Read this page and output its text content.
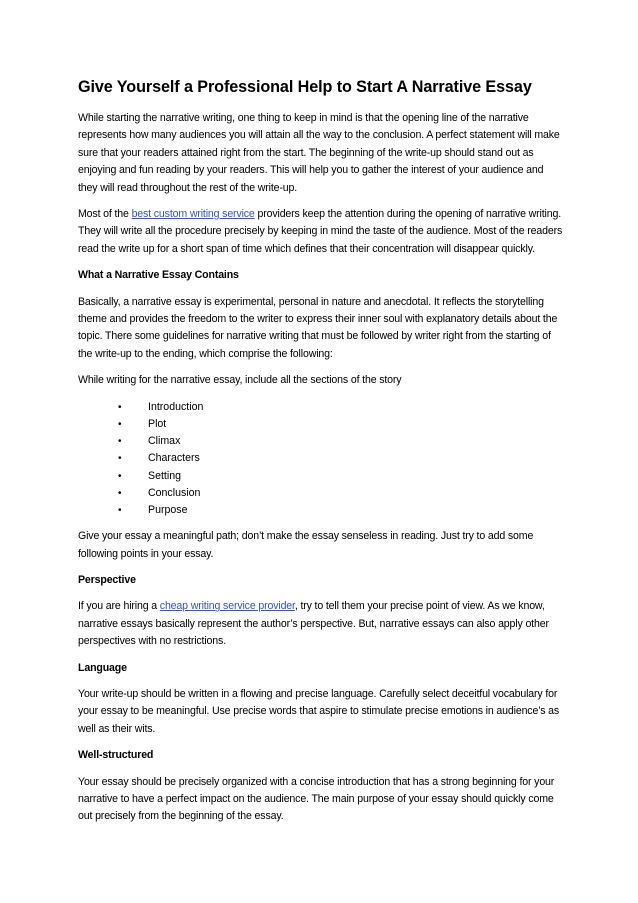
Give Yourself a Professional Help to Start A Narrative Essay

While starting the narrative writing, one thing to keep in mind is that the opening line of the narrative represents how many audiences you will attain all the way to the conclusion. A perfect statement will make sure that your readers attained right from the start. The beginning of the write-up should stand out as enjoying and fun reading by your readers. This will help you to gather the interest of your audience and they will read throughout the rest of the write-up.

Most of the best custom writing service providers keep the attention during the opening of narrative writing. They will write all the procedure precisely by keeping in mind the taste of the audience. Most of the readers read the write up for a short span of time which defines that their concentration will disappear quickly.

What a Narrative Essay Contains

Basically, a narrative essay is experimental, personal in nature and anecdotal. It reflects the storytelling theme and provides the freedom to the writer to express their inner soul with explanatory details about the topic. There some guidelines for narrative writing that must be followed by writer right from the starting of the write-up to the ending, which comprise the following:

While writing for the narrative essay, include all the sections of the story

• Introduction
• Plot
• Climax
• Characters
• Setting
• Conclusion
• Purpose

Give your essay a meaningful path; don’t make the essay senseless in reading. Just try to add some following points in your essay.

Perspective

If you are hiring a cheap writing service provider, try to tell them your precise point of view. As we know, narrative essays basically represent the author’s perspective. But, narrative essays can also apply other perspectives with no restrictions.

Language

Your write-up should be written in a flowing and precise language. Carefully select deceitful vocabulary for your essay to be meaningful. Use precise words that aspire to stimulate precise emotions in audience’s as well as their wits.

Well-structured

Your essay should be precisely organized with a concise introduction that has a strong beginning for your narrative to have a perfect impact on the audience. The main purpose of your essay should quickly come out precisely from the beginning of the essay.
